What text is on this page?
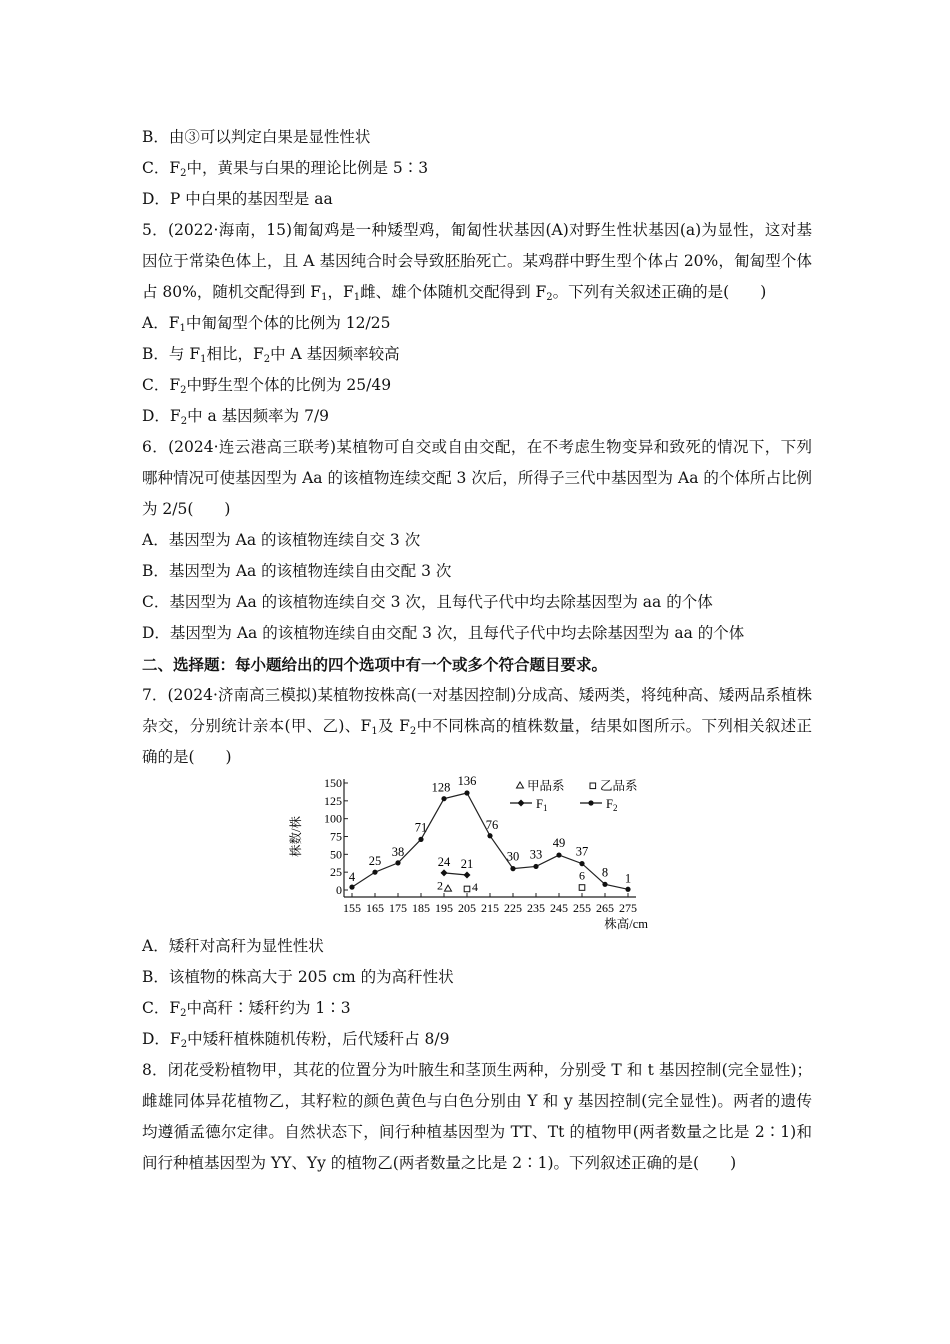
B．由③可以判定白果是显性性状
C．$F_2$中，黄果与白果的理论比例是 5∶3
D．P 中白果的基因型是 aa
5．(2022·海南，15)匍匐鸡是一种矮型鸡，匍匐性状基因(A)对野生性状基因(a)为显性，这对基因位于常染色体上，且 A 基因纯合时会导致胚胎死亡。某鸡群中野生型个体占 20%，匍匐型个体占 80%，随机交配得到 $F_1$，$F_1$雌、雄个体随机交配得到 $F_2$。下列有关叙述正确的是(　　)
A．$F_1$中匍匐型个体的比例为 12/25
B．与 $F_1$相比，$F_2$中 A 基因频率较高
C．$F_2$中野生型个体的比例为 25/49
D．$F_2$中 a 基因频率为 7/9
6．(2024·连云港高三联考)某植物可自交或自由交配，在不考虑生物变异和致死的情况下，下列哪种情况可使基因型为 Aa 的该植物连续交配 3 次后，所得子三代中基因型为 Aa 的个体所占比例为 2/5(　　)
A．基因型为 Aa 的该植物连续自交 3 次
B．基因型为 Aa 的该植物连续自由交配 3 次
C．基因型为 Aa 的该植物连续自交 3 次，且每代子代中均去除基因型为 aa 的个体
D．基因型为 Aa 的该植物连续自由交配 3 次，且每代子代中均去除基因型为 aa 的个体
二、选择题：每小题给出的四个选项中有一个或多个符合题目要求。
7．(2024·济南高三模拟)某植物按株高(一对基因控制)分成高、矮两类，将纯种高、矮两品系植株杂交，分别统计亲本(甲、乙)、$F_1$及 $F_2$中不同株高的植株数量，结果如图所示。下列相关叙述正确的是(　　)
0
25
50
75
100
125
150
155 165 175 185 195 205 215 225 235 245 255 265 275
株高/cm
株数/株
4
25
38
71
128 136
76
30 33
49
37
8 1
24 21
2 4
6
甲品系	乙品系
$F_1$	$F_2$
A．矮秆对高秆为显性性状
B．该植物的株高大于 205 cm 的为高秆性状
C．$F_2$中高秆∶矮秆约为 1∶3
D．$F_2$中矮秆植株随机传粉，后代矮秆占 8/9
8．闭花受粉植物甲，其花的位置分为叶腋生和茎顶生两种，分别受 T 和 t 基因控制(完全显性)；雌雄同体异花植物乙，其籽粒的颜色黄色与白色分别由 Y 和 y 基因控制(完全显性)。两者的遗传均遵循孟德尔定律。自然状态下，间行种植基因型为 TT、Tt 的植物甲(两者数量之比是 2∶1)和间行种植基因型为 YY、Yy 的植物乙(两者数量之比是 2∶1)。下列叙述正确的是(　　)
